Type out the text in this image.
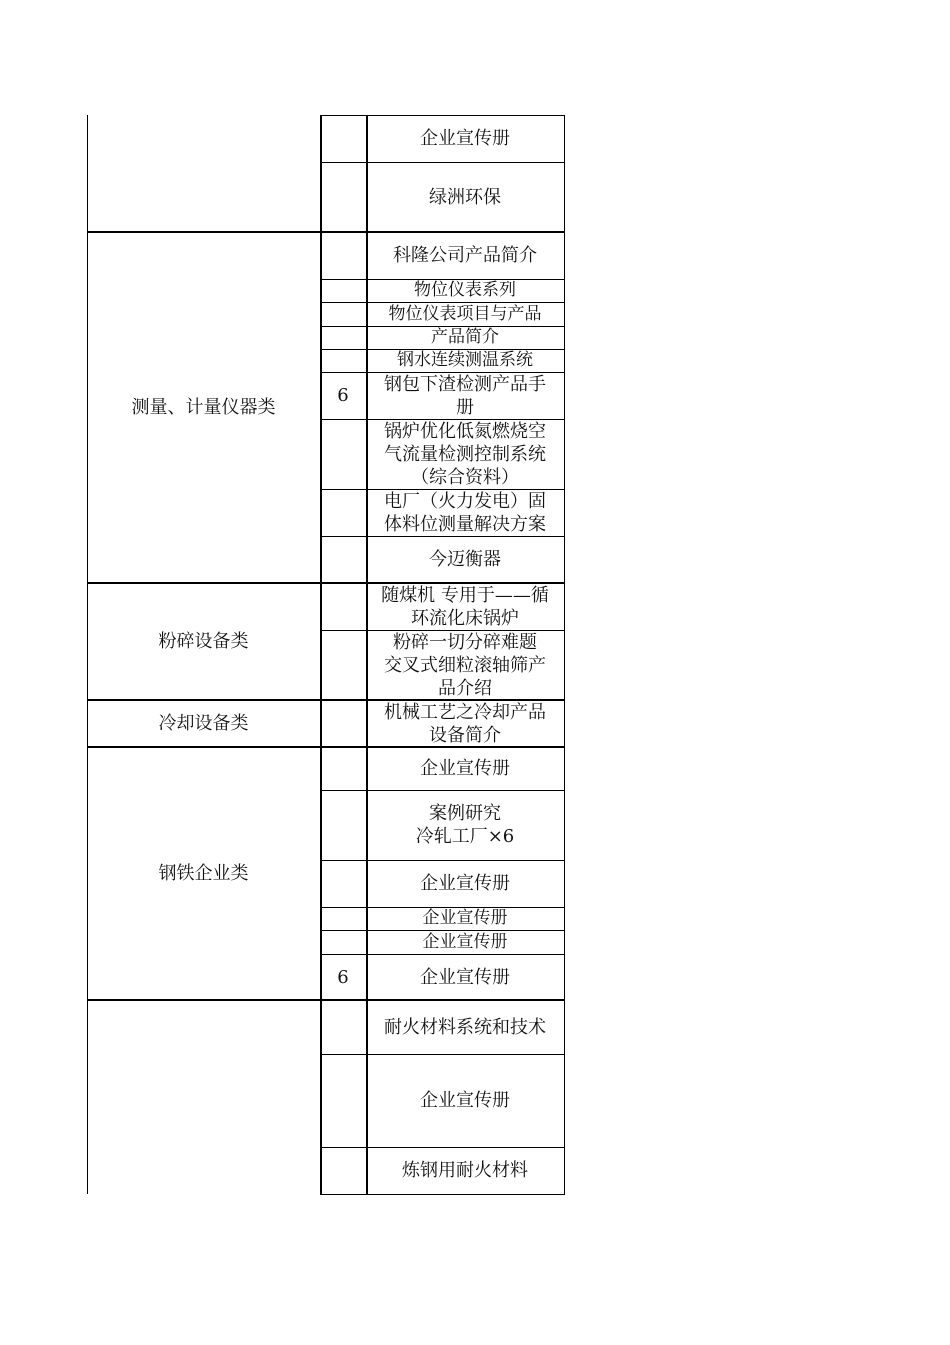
测量、计量仪器类
粉碎设备类
冷却设备类
钢铁企业类
企业宣传册
绿洲环保
科隆公司产品简介
物位仪表系列
物位仪表项目与产品
产品简介
钢水连续测温系统
6
钢包下渣检测产品手
册
锅炉优化低氮燃烧空
气流量检测控制系统
（综合资料）
电厂（火力发电）固
体料位测量解决方案
今迈衡器
随煤机 专用于——循
环流化床锅炉
粉碎一切分碎难题
交叉式细粒滚轴筛产
品介绍
机械工艺之冷却产品
设备简介
企业宣传册
案例研究
冷轧工厂×6
企业宣传册
企业宣传册
企业宣传册
6	企业宣传册
耐火材料系统和技术
企业宣传册
炼钢用耐火材料
